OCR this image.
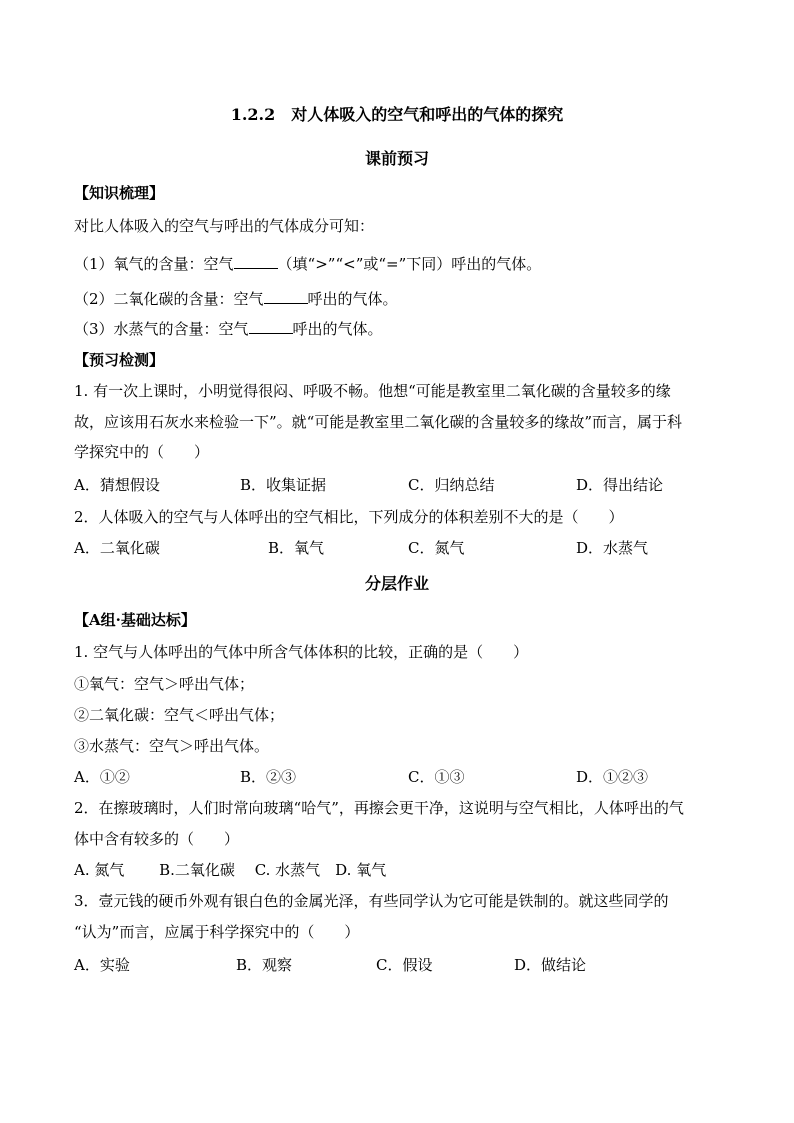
1.2.2　对人体吸入的空气和呼出的气体的探究
课前预习
【知识梳理】
对比人体吸入的空气与呼出的气体成分可知：
（1）氧气的含量：空气	（填“>”“<”或“=”下同）呼出的气体。
（2）二氧化碳的含量：空气	呼出的气体。
（3）水蒸气的含量：空气	呼出的气体。
【预习检测】
1. 有一次上课时，小明觉得很闷、呼吸不畅。他想“可能是教室里二氧化碳的含量较多的缘
故，应该用石灰水来检验一下”。就“可能是教室里二氧化碳的含量较多的缘故”而言，属于科
学探究中的（　　）
A．猜想假设	B．收集证据	C．归纳总结	D．得出结论
2．人体吸入的空气与人体呼出的空气相比，下列成分的体积差别不大的是（　　）
A．二氧化碳	B．氧气	C．氮气	D．水蒸气
分层作业
【A组·基础达标】
1. 空气与人体呼出的气体中所含气体体积的比较，正确的是（　　）
①氧气：空气＞呼出气体；
②二氧化碳：空气＜呼出气体；
③水蒸气：空气＞呼出气体。
A．①②	B．②③	C．①③	D．①②③
2．在擦玻璃时，人们时常向玻璃“哈气”，再擦会更干净，这说明与空气相比，人体呼出的气
体中含有较多的（　　）
A. 氮气　　 B.二氧化碳　 C. 水蒸气　D. 氧气
3．壹元钱的硬币外观有银白色的金属光泽，有些同学认为它可能是铁制的。就这些同学的
“认为”而言，应属于科学探究中的（　　）
A．实验	B．观察	C．假设	D．做结论
